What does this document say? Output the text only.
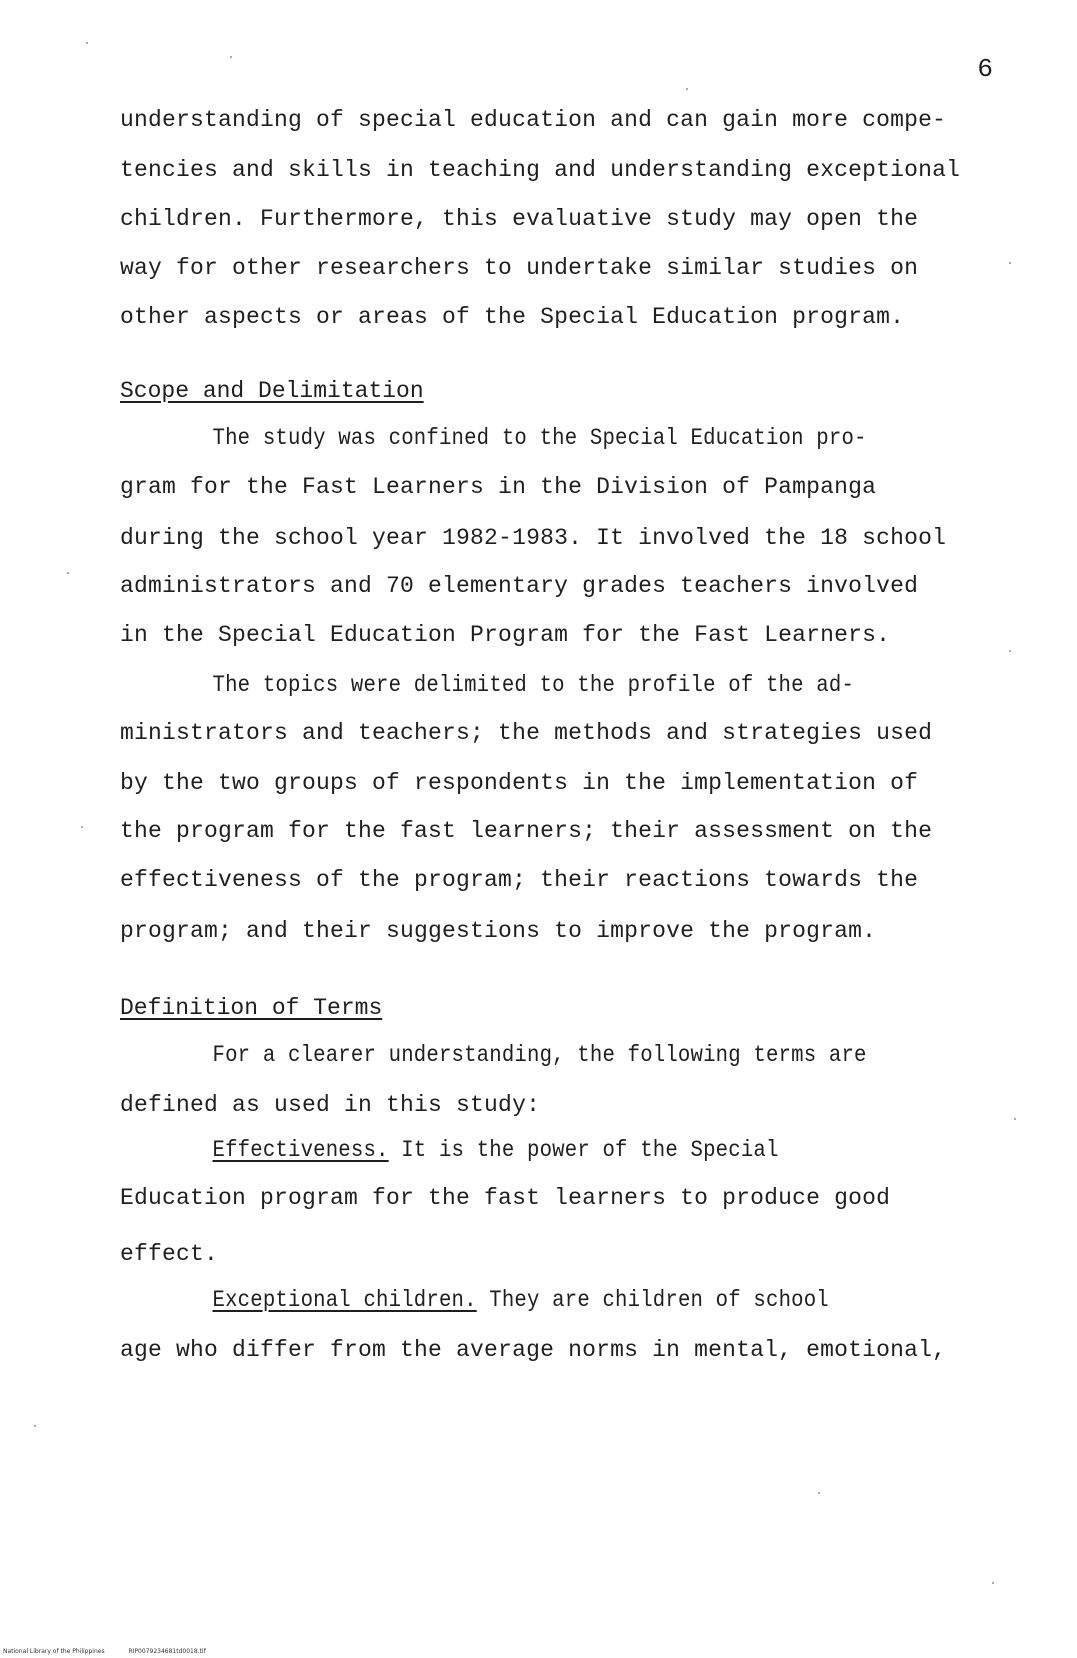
6
understanding of special education and can gain more compe-
tencies and skills in teaching and understanding exceptional
children. Furthermore, this evaluative study may open the
way for other researchers to undertake similar studies on
other aspects or areas of the Special Education program.
Scope and Delimitation
The study was confined to the Special Education pro-
gram for the Fast Learners in the Division of Pampanga
during the school year 1982-1983. It involved the 18 school
administrators and 70 elementary grades teachers involved
in the Special Education Program for the Fast Learners.
The topics were delimited to the profile of the ad-
ministrators and teachers; the methods and strategies used
by the two groups of respondents in the implementation of
the program for the fast learners; their assessment on the
effectiveness of the program; their reactions towards the
program; and their suggestions to improve the program.
Definition of Terms
For a clearer understanding, the following terms are
defined as used in this study:
Effectiveness. It is the power of the Special
Education program for the fast learners to produce good
effect.
Exceptional children. They are children of school
age who differ from the average norms in mental, emotional,
National Library of the Philippines	RIP0079234681td0018.tif
